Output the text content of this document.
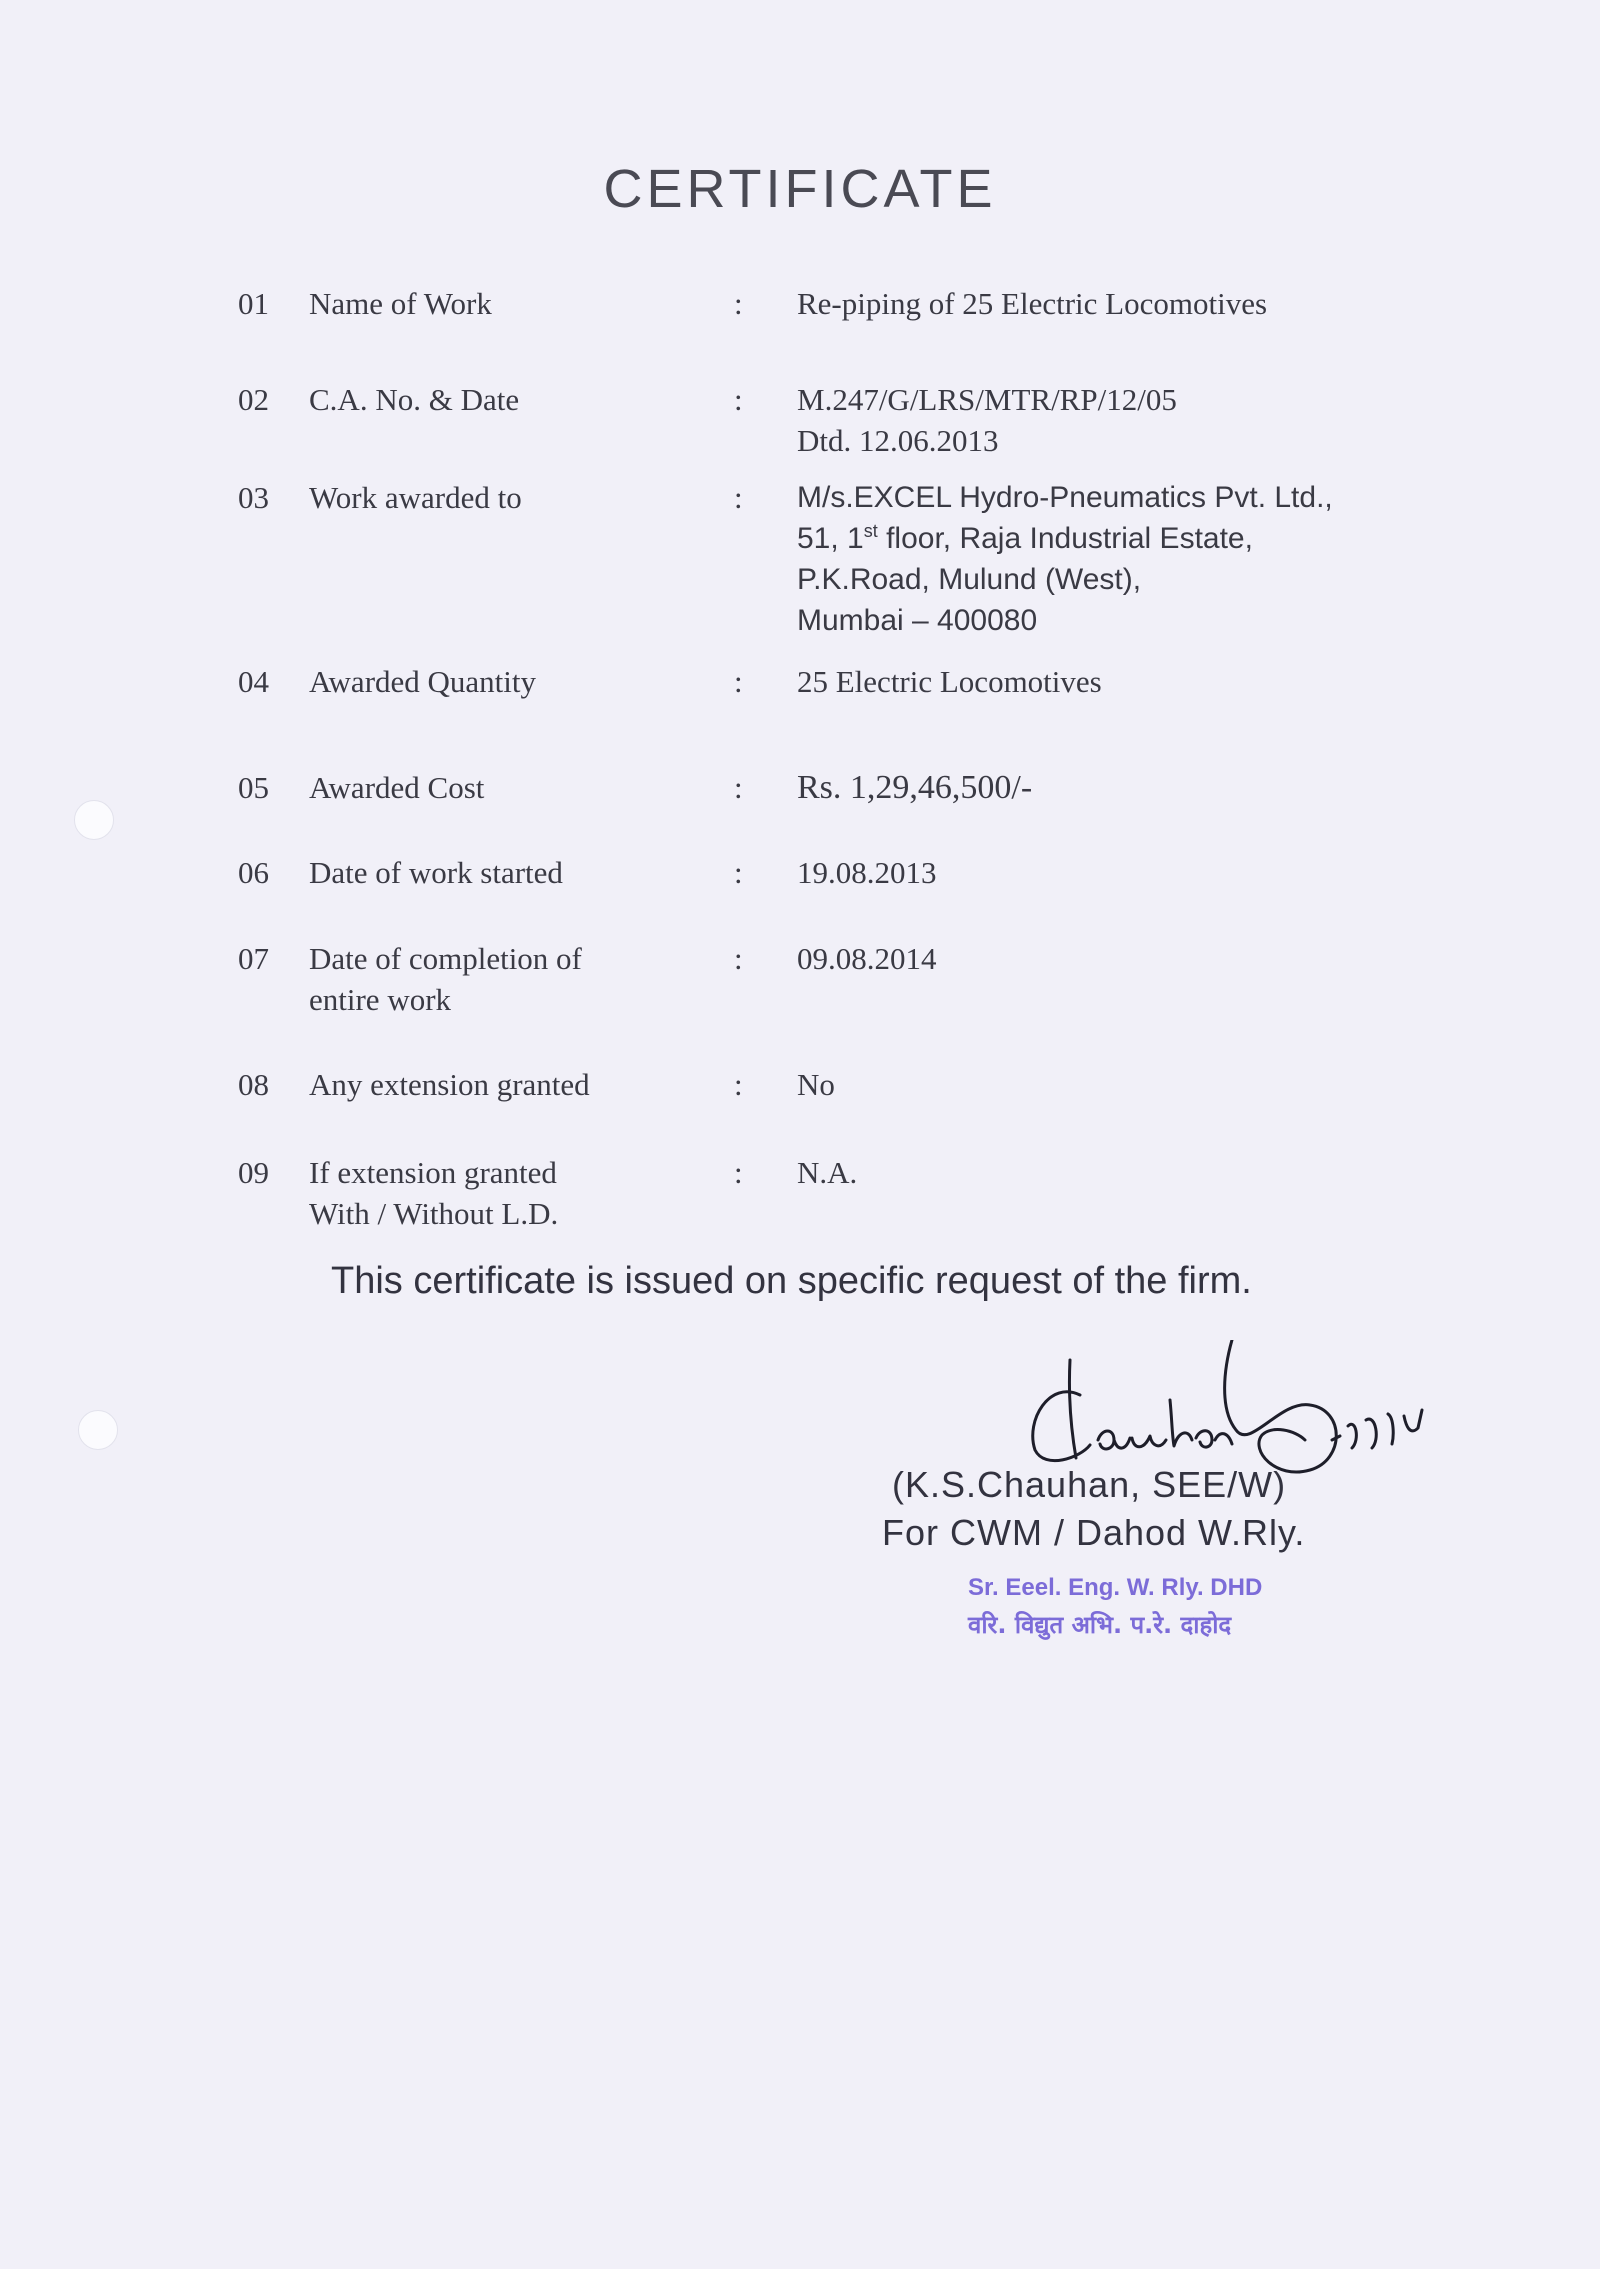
CERTIFICATE
01	Name of Work	:	Re-piping of 25 Electric Locomotives
02	C.A. No. & Date	:	M.247/G/LRS/MTR/RP/12/05
Dtd. 12.06.2013
03	Work awarded to	:	M/s.EXCEL Hydro-Pneumatics Pvt. Ltd.,
51, 1st floor, Raja Industrial Estate,
P.K.Road, Mulund (West),
Mumbai – 400080
04	Awarded Quantity	:	25 Electric Locomotives
05	Awarded Cost	:	Rs. 1,29,46,500/-
06	Date of work started	:	19.08.2013
07	Date of completion of
entire work
:	09.08.2014
08	Any extension granted	:	No
09	If extension granted
With / Without L.D.
:	N.A.

This certificate is issued on specific request of the firm.

(K.S.Chauhan, SEE/W)
For CWM / Dahod W.Rly.
Sr. Eeel. Eng. W. Rly. DHD
वरि. विद्युत अभि. प.रे. दाहोद
